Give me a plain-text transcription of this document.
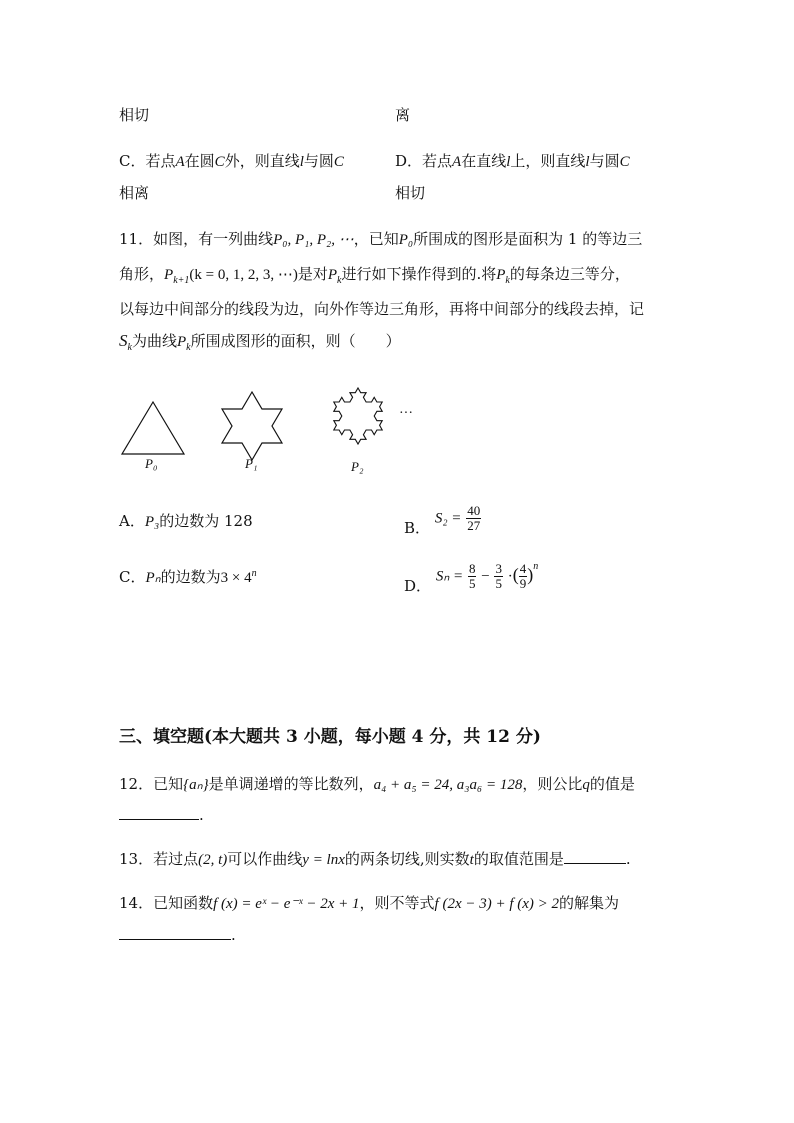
相切	离
C．若点A在圆C外，则直线l与圆C
相离
D．若点A在直线l上，则直线l与圆C
相切
11．如图，有一列曲线P₀, P₁, P₂, ⋯，已知P₀所围成的图形是面积为 1 的等边三
角形，$P_{k+1}(k = 0$, 1, 2, 3, ⋯)是对$P_k$进行如下操作得到的.将$P_k$的每条边三等分，
以每边中间部分的线段为边，向外作等边三角形，再将中间部分的线段去掉，记
$S_k$为曲线$P_k$所围成图形的面积，则（　　）
···
P₀	P₁	P₂
A．P₃的边数为 128	B． $S_2 = \frac{40}{27}$
C．Pₙ的边数为$3 \times 4^n$
D． $S_n = \frac{8}{5} - \frac{3}{5}$ ·( $\frac{4}{9} )^n$
三、填空题(本大题共 3 小题，每小题 4 分，共 12 分)
12．已知{aₙ}是单调递增的等比数列，a₄ + a₅ = 24, a₃a₆ = 128，则公比q的值是
.
13．若过点(2, t)可以作曲线y = lnx的两条切线,则实数t的取值范围是	.
14．已知函数f (x) = eˣ − e⁻ˣ − 2x + 1，则不等式f (2x − 3) + f (x) > 2的解集为
.
